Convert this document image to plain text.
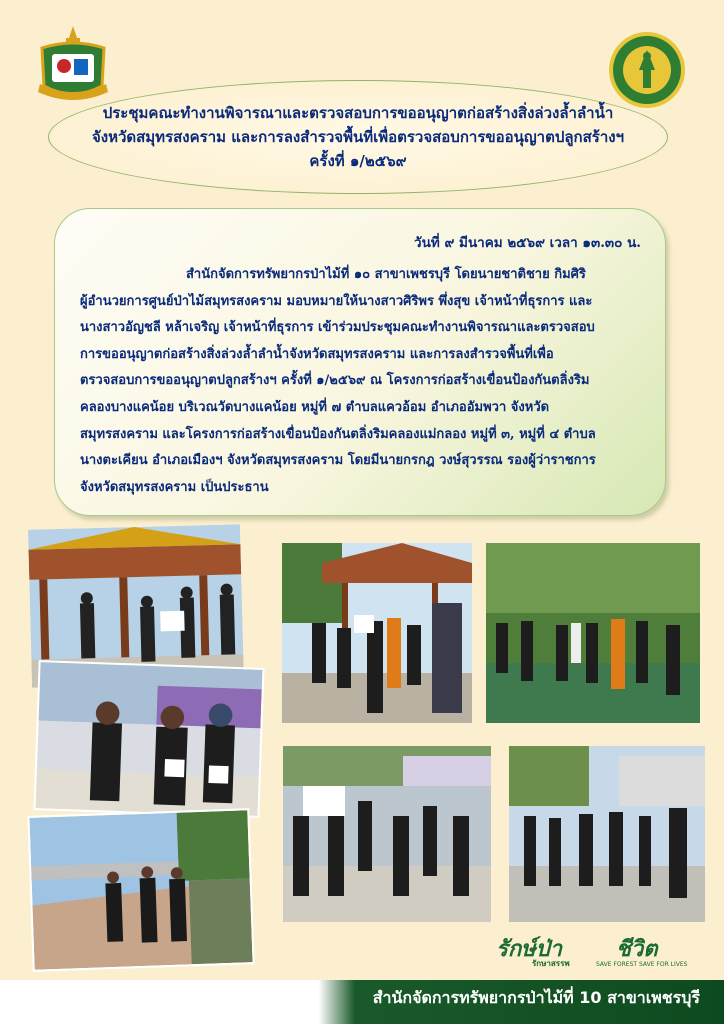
ประชุมคณะทำงานพิจารณาและตรวจสอบการขออนุญาตก่อสร้างสิ่งล่วงล้ำลำน้ำ
จังหวัดสมุทรสงคราม และการลงสำรวจพื้นที่เพื่อตรวจสอบการขออนุญาตปลูกสร้างฯ
ครั้งที่ ๑/๒๕๖๙
วันที่ ๙ มีนาคม ๒๕๖๙ เวลา ๑๓.๓๐ น.
สำนักจัดการทรัพยากรป่าไม้ที่ ๑๐ สาขาเพชรบุรี โดยนายชาติชาย กิมศิริ
ผู้อำนวยการศูนย์ป่าไม้สมุทรสงคราม มอบหมายให้นางสาวศิริพร พึ่งสุข เจ้าหน้าที่ธุรการ และ
นางสาวอัญชลี หล้าเจริญ เจ้าหน้าที่ธุรการ เข้าร่วมประชุมคณะทำงานพิจารณาและตรวจสอบ
การขออนุญาตก่อสร้างสิ่งล่วงล้ำลำน้ำจังหวัดสมุทรสงคราม และการลงสำรวจพื้นที่เพื่อ
ตรวจสอบการขออนุญาตปลูกสร้างฯ ครั้งที่ ๑/๒๕๖๙ ณ โครงการก่อสร้างเขื่อนป้องกันตลิ่งริม
คลองบางแคน้อย บริเวณวัดบางแคน้อย หมู่ที่ ๗ ตำบลแควอ้อม อำเภออัมพวา จังหวัด
สมุทรสงคราม และโครงการก่อสร้างเขื่อนป้องกันตลิ่งริมคลองแม่กลอง หมู่ที่ ๓, หมู่ที่ ๔ ตำบล
นางตะเคียน อำเภอเมืองฯ จังหวัดสมุทรสงคราม โดยมีนายกรกฎ วงษ์สุวรรณ รองผู้ว่าราชการ
จังหวัดสมุทรสงคราม เป็นประธาน
รักษ์ป่า ชีวิต
รักษาสรรพ	SAVE FOREST SAVE FOR LIVES
สำนักจัดการทรัพยากรป่าไม้ที่ 10 สาขาเพชรบุรี
